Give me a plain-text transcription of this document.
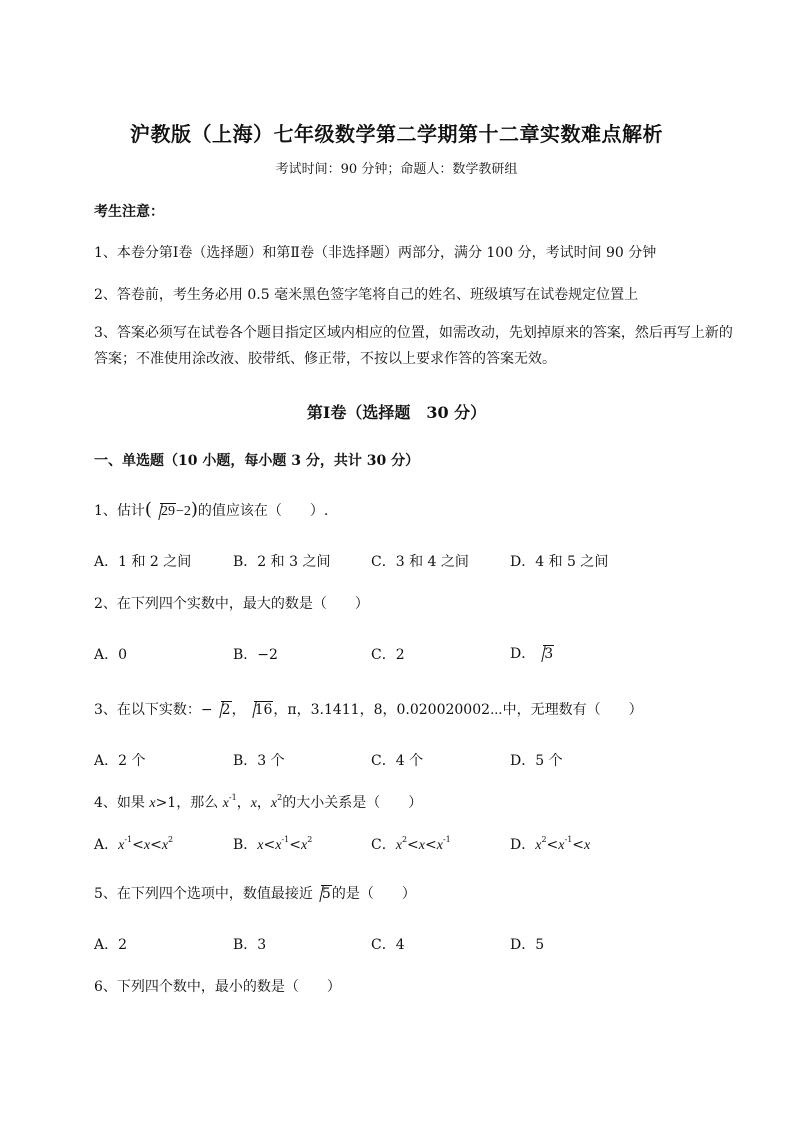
沪教版（上海）七年级数学第二学期第十二章实数难点解析
考试时间：90 分钟；命题人：数学教研组
考生注意：
1、本卷分第Ⅰ卷（选择题）和第Ⅱ卷（非选择题）两部分，满分 100 分，考试时间 90 分钟
2、答卷前，考生务必用 0.5 毫米黑色签字笔将自己的姓名、班级填写在试卷规定位置上
3、答案必须写在试卷各个题目指定区域内相应的位置，如需改动，先划掉原来的答案，然后再写上新的答案；不准使用涂改液、胶带纸、修正带，不按以上要求作答的答案无效。
第Ⅰ卷（选择题　30 分）
一、单选题（10 小题，每小题 3 分，共计 30 分）
1、估计( 29−2)的值应该在（　　）.
A．1 和 2 之间	B．2 和 3 之间	C．3 和 4 之间	D．4 和 5 之间
2、在下列四个实数中，最大的数是（　　）
A．0	B．−2	C．2	D． 3
3、在以下实数：− 2， 16，π，3.1411，8，0.020020002⋯中，无理数有（　　）
A．2 个	B．3 个	C．4 个	D．5 个
4、如果 x>1，那么 $x^{-1}$，x，$x^2$的大小关系是（　　）
A．$x^{-1}<x<x^2$	B．$x<x^{-1}<x^2$	C．$x^2<x<x^{-1}$	D．$x^2<x^{-1}<x$
5、在下列四个选项中，数值最接近 5的是（　　）
A．2	B．3	C．4	D．5
6、下列四个数中，最小的数是（　　）
